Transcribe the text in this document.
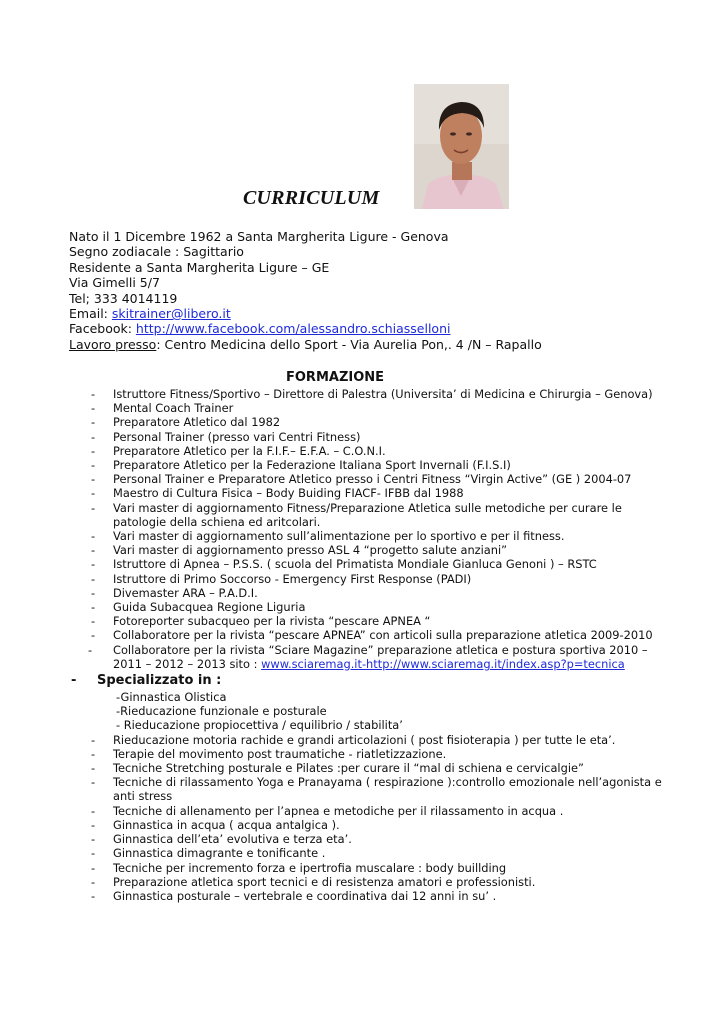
CURRICULUM
Nato il 1 Dicembre 1962 a Santa Margherita Ligure - Genova
Segno zodiacale : Sagittario
Residente a Santa Margherita Ligure – GE
Via Gimelli 5/7
Tel; 333 4014119
Email: skitrainer@libero.it
Facebook: http://www.facebook.com/alessandro.schiasselloni
Lavoro presso: Centro Medicina dello Sport - Via Aurelia Pon,. 4 /N – Rapallo
FORMAZIONE
- Istruttore Fitness/Sportivo – Direttore di Palestra (Universita’ di Medicina e Chirurgia – Genova)
- Mental Coach Trainer
- Preparatore Atletico dal 1982
- Personal Trainer (presso vari Centri Fitness)
- Preparatore Atletico per la F.I.F.– E.F.A. – C.O.N.I.
- Preparatore Atletico per la Federazione Italiana Sport Invernali (F.I.S.I)
- Personal Trainer e Preparatore Atletico presso i Centri Fitness “Virgin Active” (GE ) 2004-07
- Maestro di Cultura Fisica – Body Buiding FIACF- IFBB dal 1988
- Vari master di aggiornamento Fitness/Preparazione Atletica sulle metodiche per curare le patologie della schiena ed aritcolari.
- Vari master di aggiornamento sull’alimentazione per lo sportivo e per il fitness.
- Vari master di aggiornamento presso ASL 4 “progetto salute anziani”
- Istruttore di Apnea – P.S.S. ( scuola del Primatista Mondiale Gianluca Genoni ) – RSTC
- Istruttore di Primo Soccorso - Emergency First Response (PADI)
- Divemaster ARA – P.A.D.I.
- Guida Subacquea Regione Liguria
- Fotoreporter subacqueo per la rivista “pescare APNEA “
- Collaboratore per la rivista “pescare APNEA” con articoli sulla preparazione atletica 2009-2010
- Collaboratore per la rivista “Sciare Magazine” preparazione atletica e postura sportiva 2010 – 2011 – 2012 – 2013 sito : www.sciaremag.it-http://www.sciaremag.it/index.asp?p=tecnica
- Specializzato in :
-Ginnastica Olistica
-Rieducazione funzionale e posturale
- Rieducazione propiocettiva / equilibrio / stabilita’
- Rieducazione motoria rachide e grandi articolazioni ( post fisioterapia ) per tutte le eta’.
- Terapie del movimento post traumatiche - riatletizzazione.
- Tecniche Stretching posturale e Pilates :per curare il “mal di schiena e cervicalgie”
- Tecniche di rilassamento Yoga e Pranayama ( respirazione ):controllo emozionale nell’agonista e anti stress
- Tecniche di allenamento per l’apnea e metodiche per il rilassamento in acqua .
- Ginnastica in acqua ( acqua antalgica ).
- Ginnastica dell’eta’ evolutiva e terza eta’.
- Ginnastica dimagrante e tonificante .
- Tecniche per incremento forza e ipertrofia muscalare : body buillding
- Preparazione atletica sport tecnici e di resistenza amatori e professionisti.
- Ginnastica posturale – vertebrale e coordinativa dai 12 anni in su’ .
